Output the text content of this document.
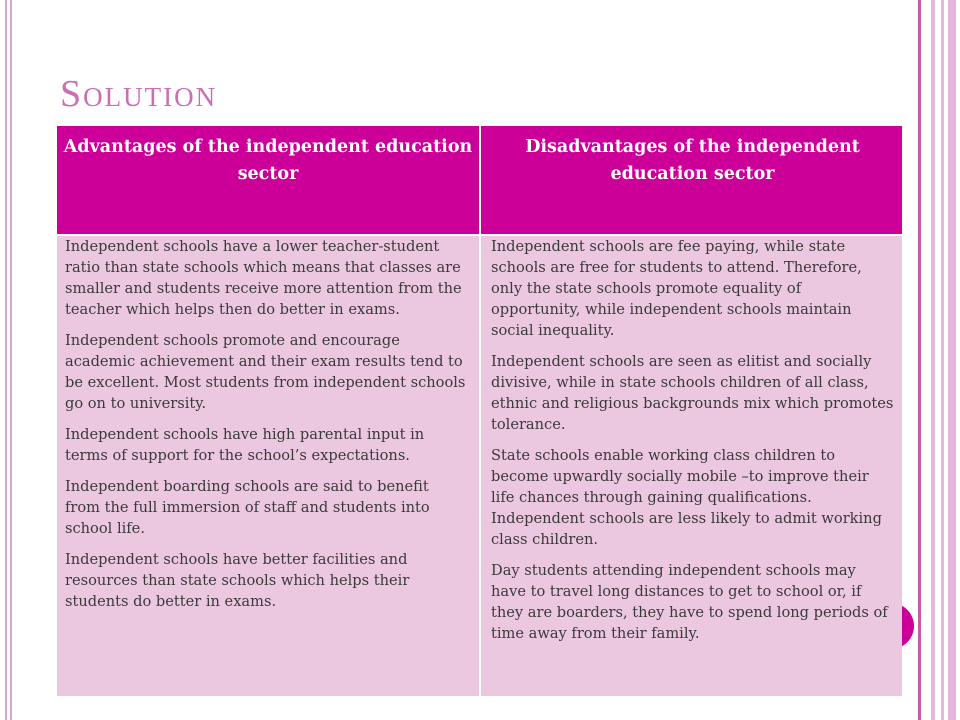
Solution
Advantages of the independent education sector
Disadvantages of the independent education sector

Independent schools have a lower teacher-student ratio than state schools which means that classes are smaller and students receive more attention from the teacher which helps then do better in exams.

Independent schools promote and encourage academic achievement and their exam results tend to be excellent. Most students from independent schools go on to university.

Independent schools have high parental input in terms of support for the school’s expectations.

Independent boarding schools are said to benefit from the full immersion of staff and students into school life.

Independent schools have better facilities and resources than state schools which helps their students do better in exams.

Independent schools are fee paying, while state schools are free for students to attend. Therefore, only the state schools promote equality of opportunity, while independent schools maintain social inequality.

Independent schools are seen as elitist and socially divisive, while in state schools children of all class, ethnic and religious backgrounds mix which promotes tolerance.

State schools enable working class children to become upwardly socially mobile –to improve their life chances through gaining qualifications. Independent schools are less likely to admit working class children.

Day students attending independent schools may have to travel long distances to get to school or, if they are boarders, they have to spend long periods of time away from their family.
